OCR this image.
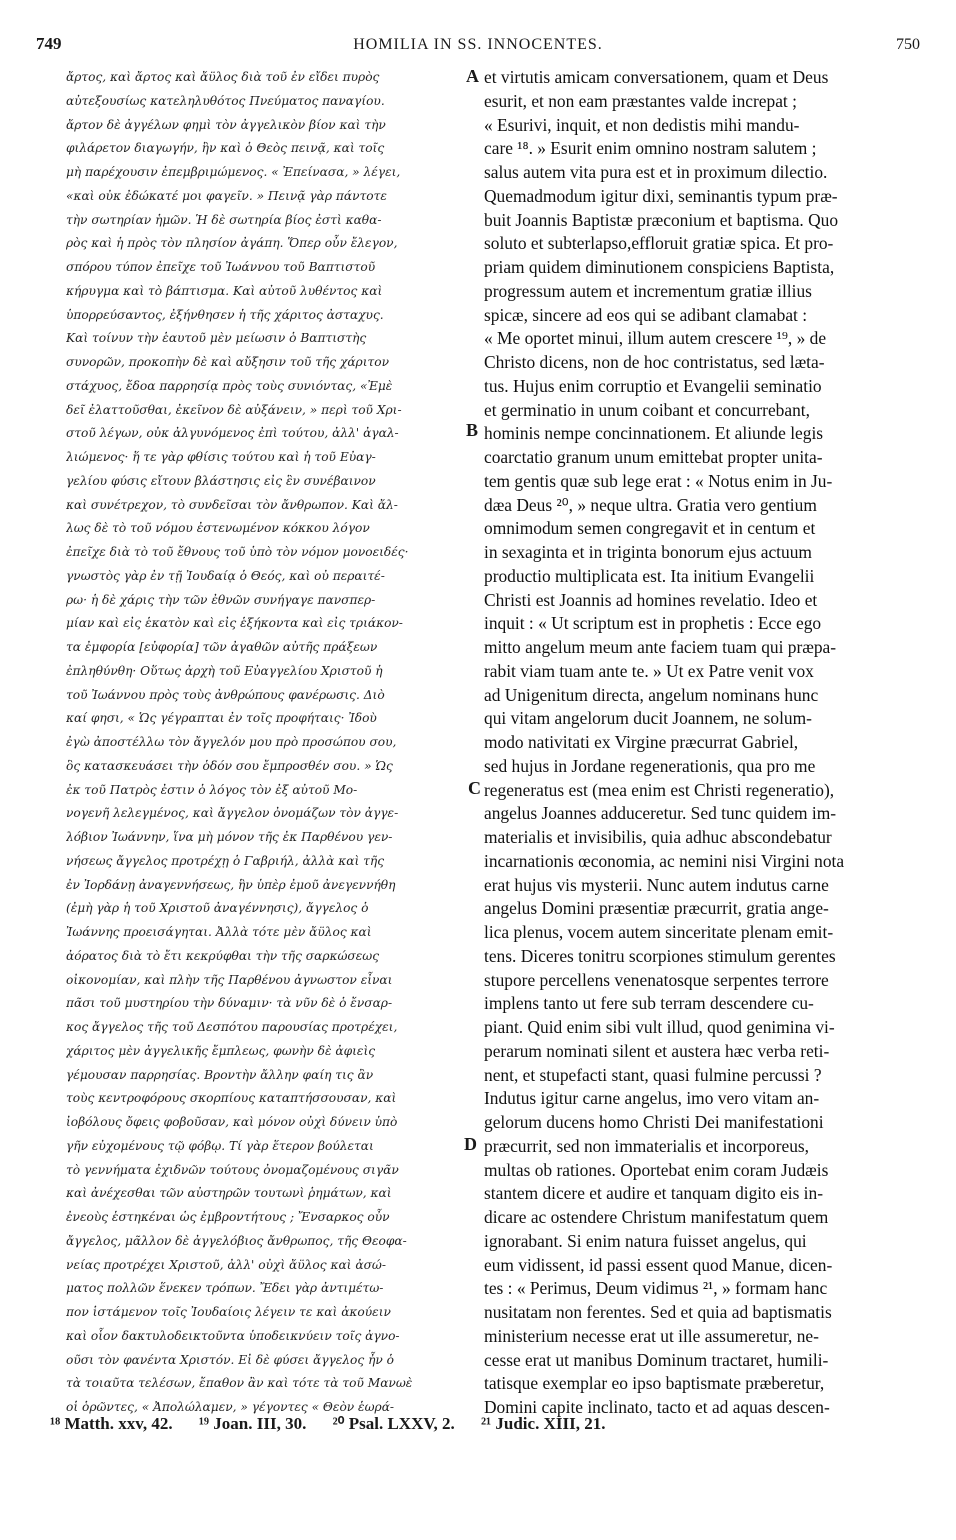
749	HOMILIA IN SS. INNOCENTES.	750
ἄρτος, καὶ ἄρτος καὶ ἄϋλος διὰ τοῦ ἐν εἴδει πυρὸς
αὐτεξουσίως κατεληλυθότος Πνεύματος παναγίου.
ἄρτον δὲ ἀγγέλων φημὶ τὸν ἀγγελικὸν βίον καὶ τὴν
φιλάρετον διαγωγήν, ἣν καὶ ὁ Θεὸς πεινᾷ, καὶ τοῖς
μὴ παρέχουσιν ἐπεμβριμώμενος. « Ἐπείνασα, » λέγει,
«καὶ οὐκ ἐδώκατέ μοι φαγεῖν. » Πεινᾷ γὰρ πάντοτε
τὴν σωτηρίαν ἡμῶν. Ἡ δὲ σωτηρία βίος ἐστὶ καθα-
ρὸς καὶ ἡ πρὸς τὸν πλησίον ἀγάπη. Ὅπερ οὖν ἔλεγον,
σπόρου τύπον ἐπεῖχε τοῦ Ἰωάννου τοῦ Βαπτιστοῦ
κήρυγμα καὶ τὸ βάπτισμα. Καὶ αὐτοῦ λυθέντος καὶ
ὑπορρεύσαντος, ἐξήνθησεν ἡ τῆς χάριτος ἀσταχυς.
Καὶ τοίνυν τὴν ἑαυτοῦ μὲν μείωσιν ὁ Βαπτιστὴς
συνορῶν, προκοπὴν δὲ καὶ αὔξησιν τοῦ τῆς χάριτον
στάχυος, ἔδοα παρρησίᾳ πρὸς τοὺς συνιόντας, «Ἐμὲ
δεῖ ἐλαττοῦσθαι, ἐκεῖνον δὲ αὐξάνειν, » περὶ τοῦ Χρι-
στοῦ λέγων, οὐκ ἀλγυνόμενος ἐπὶ τούτου, ἀλλ' ἀγαλ-
λιώμενος· ἥ τε γὰρ φθίσις τούτου καὶ ἡ τοῦ Εὐαγ-
γελίου φύσις εἴτουν βλάστησις εἰς ἓν συνέβαινον
καὶ συνέτρεχον, τὸ συνδεῖσαι τὸν ἄνθρωπον. Καὶ ἄλ-
λως δὲ τὸ τοῦ νόμου ἐστενωμένον κόκκου λόγον
ἐπεῖχε διὰ τὸ τοῦ ἔθνους τοῦ ὑπὸ τὸν νόμον μονοειδές·
γνωστὸς γὰρ ἐν τῇ Ἰουδαίᾳ ὁ Θεός, καὶ οὐ περαιτέ-
ρω· ἡ δὲ χάρις τὴν τῶν ἐθνῶν συνήγαγε πανσπερ-
μίαν καὶ εἰς ἑκατὸν καὶ εἰς ἑξήκοντα καὶ εἰς τριάκον-
τα ἐμφορία [εὐφορία] τῶν ἀγαθῶν αὐτῆς πράξεων
ἐπληθύνθη· Οὕτως ἀρχὴ τοῦ Εὐαγγελίου Χριστοῦ ἡ
τοῦ Ἰωάννου πρὸς τοὺς ἀνθρώπους φανέρωσις. Διὸ
καί φησι, « Ὡς γέγραπται ἐν τοῖς προφήταις· Ἰδοὺ
ἐγὼ ἀποστέλλω τὸν ἄγγελόν μου πρὸ προσώπου σου,
ὃς κατασκευάσει τὴν ὁδόν σου ἔμπροσθέν σου. » Ὡς
ἐκ τοῦ Πατρὸς ἐστιν ὁ λόγος τὸν ἐξ αὐτοῦ Μο-
νογενῆ λελεγμένος, καὶ ἄγγελον ὀνομάζων τὸν ἀγγε-
λόβιον Ἰωάννην, ἵνα μὴ μόνον τῆς ἐκ Παρθένου γεν-
νήσεως ἄγγελος προτρέχῃ ὁ Γαβριήλ, ἀλλὰ καὶ τῆς
ἐν Ἰορδάνῃ ἀναγεννήσεως, ἣν ὑπὲρ ἐμοῦ ἀνεγεννήθη
(ἐμὴ γὰρ ἡ τοῦ Χριστοῦ ἀναγέννησις), ἄγγελος ὁ
Ἰωάννης προεισάγηται. Ἀλλὰ τότε μὲν ἄϋλος καὶ
ἀόρατος διὰ τὸ ἔτι κεκρύφθαι τὴν τῆς σαρκώσεως
οἰκονομίαν, καὶ πλὴν τῆς Παρθένου ἀγνωστον εἶναι
πᾶσι τοῦ μυστηρίου τὴν δύναμιν· τὰ νῦν δὲ ὁ ἔνσαρ-
κος ἄγγελος τῆς τοῦ Δεσπότου παρουσίας προτρέχει,
χάριτος μὲν ἀγγελικῆς ἔμπλεως, φωνὴν δὲ ἀφιεὶς
γέμουσαν παρρησίας. Βροντὴν ἄλλην φαίη τις ἂν
τοὺς κεντροφόρους σκορπίους καταπτήσσουσαν, καὶ
ἰοβόλους ὄφεις φοβοῦσαν, καὶ μόνον οὐχὶ δύνειν ὑπὸ
γῆν εὐχομένους τῷ φόβῳ. Τί γὰρ ἕτερον βούλεται
τὸ γεννήματα ἐχιδνῶν τούτους ὀνομαζομένους σιγᾶν
καὶ ἀνέχεσθαι τῶν αὐστηρῶν τουτωνὶ ῥημάτων, καὶ
ἐνεοὺς ἑστηκέναι ὡς ἐμβροντήτους ; Ἔνσαρκος οὖν
ἄγγελος, μᾶλλον δὲ ἀγγελόβιος ἄνθρωπος, τῆς Θεοφα-
νείας προτρέχει Χριστοῦ, ἀλλ' οὐχὶ ἄϋλος καὶ ἀσώ-
ματος πολλῶν ἕνεκεν τρόπων. Ἔδει γὰρ ἀντιμέτω-
πον ἱστάμενον τοῖς Ἰουδαίοις λέγειν τε καὶ ἀκούειν
καὶ οἷον δακτυλοδεικτοῦντα ὑποδεικνύειν τοῖς ἀγνο-
οῦσι τὸν φανέντα Χριστόν. Εἰ δὲ φύσει ἄγγελος ἦν ὁ
τὰ τοιαῦτα τελέσων, ἔπαθον ἂν καὶ τότε τὰ τοῦ Μανωὲ
οἱ ὁρῶντες, « Ἀπολώλαμεν, » γέγοντες « Θεὸν ἑωρά-
A
B
C
D
et virtutis amicam conversationem, quam et Deus
esurit, et non eam præstantes valde increpat ;
« Esurivi, inquit, et non dedistis mihi mandu-
care ¹⁸. » Esurit enim omnino nostram salutem ;
salus autem vita pura est et in proximum dilectio.
Quemadmodum igitur dixi, seminantis typum præ-
buit Joannis Baptistæ præconium et baptisma. Quo
soluto et subterlapso,effloruit gratiæ spica. Et pro-
priam quidem diminutionem conspiciens Baptista,
progressum autem et incrementum gratiæ illius
spicæ, sincere ad eos qui se adibant clamabat :
« Me oportet minui, illum autem crescere ¹⁹, » de
Christo dicens, non de hoc contristatus, sed læta-
tus. Hujus enim corruptio et Evangelii seminatio
et germinatio in unum coibant et concurrebant,
hominis nempe concinnationem. Et aliunde legis
coarctatio granum unum emittebat propter unita-
tem gentis quæ sub lege erat : « Notus enim in Ju-
dæa Deus ²⁰, » neque ultra. Gratia vero gentium
omnimodum semen congregavit et in centum et
in sexaginta et in triginta bonorum ejus actuum
productio multiplicata est. Ita initium Evangelii
Christi est Joannis ad homines revelatio. Ideo et
inquit : « Ut scriptum est in prophetis : Ecce ego
mitto angelum meum ante faciem tuam qui præpa-
rabit viam tuam ante te. » Ut ex Patre venit vox
ad Unigenitum directa, angelum nominans hunc
qui vitam angelorum ducit Joannem, ne solum-
modo nativitati ex Virgine præcurrat Gabriel,
sed hujus in Jordane regenerationis, qua pro me
regeneratus est (mea enim est Christi regeneratio),
angelus Joannes adduceretur. Sed tunc quidem im-
materialis et invisibilis, quia adhuc abscondebatur
incarnationis œconomia, ac nemini nisi Virgini nota
erat hujus vis mysterii. Nunc autem indutus carne
angelus Domini præsentiæ præcurrit, gratia ange-
lica plenus, vocem autem sinceritate plenam emit-
tens. Diceres tonitru scorpiones stimulum gerentes
stupore percellens venenatosque serpentes terrore
implens tanto ut fere sub terram descendere cu-
piant. Quid enim sibi vult illud, quod genimina vi-
perarum nominati silent et austera hæc verba reti-
nent, et stupefacti stant, quasi fulmine percussi ?
Indutus igitur carne angelus, imo vero vitam an-
gelorum ducens homo Christi Dei manifestationi
præcurrit, sed non immaterialis et incorporeus,
multas ob rationes. Oportebat enim coram Judæis
stantem dicere et audire et tanquam digito eis in-
dicare ac ostendere Christum manifestatum quem
ignorabant. Si enim natura fuisset angelus, qui
eum vidissent, id passi essent quod Manue, dicen-
tes : « Perimus, Deum vidimus ²¹, » formam hanc
nusitatam non ferentes. Sed et quia ad baptismatis
ministerium necesse erat ut ille assumeretur, ne-
cesse erat ut manibus Dominum tractaret, humili-
tatisque exemplar eo ipso baptismate præberetur,
Domini capite inclinato, tacto et ad aquas descen-
¹⁸ Matth. xxv, 42. ¹⁹ Joan. III, 30. ²⁰ Psal. LXXV, 2. ²¹ Judic. XIII, 21.
